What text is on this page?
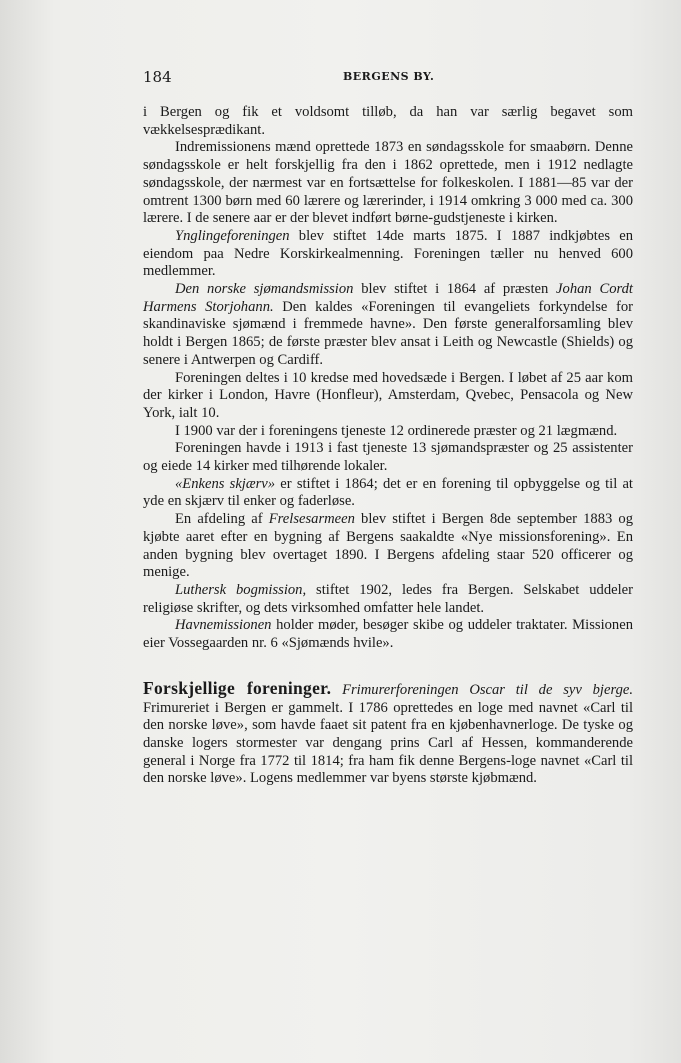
184	BERGENS BY.

i Bergen og fik et voldsomt tilløb, da han var særlig begavet som vækkelsesprædikant.

Indremissionens mænd oprettede 1873 en søndagsskole for smaabørn. Denne søndagsskole er helt forskjellig fra den i 1862 oprettede, men i 1912 nedlagte søndagsskole, der nærmest var en fortsættelse for folkeskolen. I 1881—85 var der omtrent 1300 børn med 60 lærere og lærerinder, i 1914 omkring 3 000 med ca. 300 lærere. I de senere aar er der blevet indført børne-gudstjeneste i kirken.

Ynglingeforeningen blev stiftet 14de marts 1875. I 1887 indkjøbtes en eiendom paa Nedre Korskirkealmenning. Foreningen tæller nu henved 600 medlemmer.

Den norske sjømandsmission blev stiftet i 1864 af præsten Johan Cordt Harmens Storjohann. Den kaldes «Foreningen til evangeliets forkyndelse for skandinaviske sjømænd i fremmede havne». Den første generalforsamling blev holdt i Bergen 1865; de første præster blev ansat i Leith og Newcastle (Shields) og senere i Antwerpen og Cardiff.

Foreningen deltes i 10 kredse med hovedsæde i Bergen. I løbet af 25 aar kom der kirker i London, Havre (Honfleur), Amsterdam, Qvebec, Pensacola og New York, ialt 10.

I 1900 var der i foreningens tjeneste 12 ordinerede præster og 21 lægmænd.

Foreningen havde i 1913 i fast tjeneste 13 sjømandspræster og 25 assistenter og eiede 14 kirker med tilhørende lokaler.

«Enkens skjærv» er stiftet i 1864; det er en forening til opbyggelse og til at yde en skjærv til enker og faderløse.

En afdeling af Frelsesarmeen blev stiftet i Bergen 8de september 1883 og kjøbte aaret efter en bygning af Bergens saakaldte «Nye missionsforening». En anden bygning blev overtaget 1890. I Bergens afdeling staar 520 officerer og menige.

Luthersk bogmission, stiftet 1902, ledes fra Bergen. Selskabet uddeler religiøse skrifter, og dets virksomhed omfatter hele landet.

Havnemissionen holder møder, besøger skibe og uddeler traktater. Missionen eier Vossegaarden nr. 6 «Sjømænds hvile».

Forskjellige foreninger. Frimurerforeningen Oscar til de syv bjerge. Frimureriet i Bergen er gammelt. I 1786 oprettedes en loge med navnet «Carl til den norske løve», som havde faaet sit patent fra en kjøbenhavnerloge. De tyske og danske logers stormester var dengang prins Carl af Hessen, kommanderende general i Norge fra 1772 til 1814; fra ham fik denne Bergens-loge navnet «Carl til den norske løve». Logens medlemmer var byens største kjøbmænd.
